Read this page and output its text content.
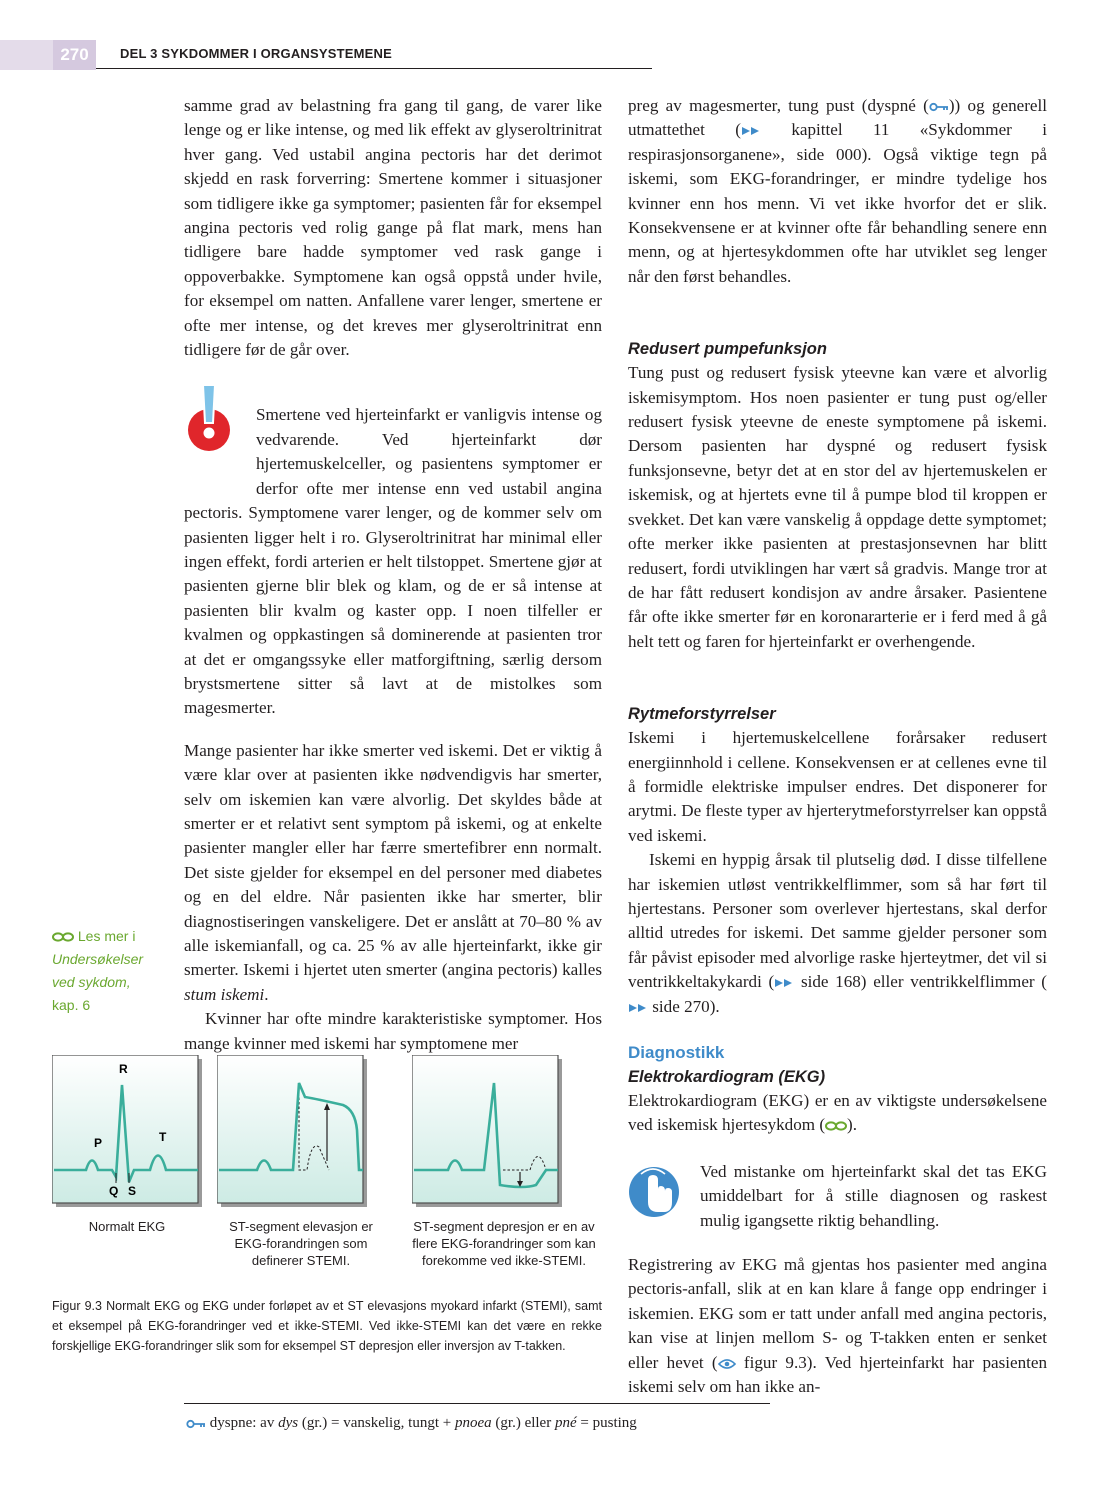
270	DEL 3 SYKDOMMER I ORGANSYSTEMENE

samme grad av belastning fra gang til gang, de varer like lenge og er like intense, og med lik effekt av glyseroltrinitrat hver gang. Ved ustabil angina pectoris har det derimot skjedd en rask forverring: Smertene kommer i situasjoner som tidligere ikke ga symptomer; pasienten får for eksempel angina pectoris ved rolig gange på flat mark, mens han tidligere bare hadde symptomer ved rask gange i oppoverbakke. Symptomene kan også oppstå under hvile, for eksempel om natten. Anfallene varer lenger, smertene er ofte mer intense, og det kreves mer glyseroltrinitrat enn tidligere før de går over.

Smertene ved hjerteinfarkt er vanligvis intense og vedvarende. Ved hjerteinfarkt dør hjertemuskelceller, og pasientens symptomer er derfor ofte mer intense enn ved ustabil angina pectoris. Symptomene varer lenger, og de kommer selv om pasienten ligger helt i ro. Glyseroltrinitrat har minimal eller ingen effekt, fordi arterien er helt tilstoppet. Smertene gjør at pasienten gjerne blir blek og klam, og de er så intense at pasienten blir kvalm og kaster opp. I noen tilfeller er kvalmen og oppkastingen så dominerende at pasienten tror at det er omgangssyke eller matforgiftning, særlig dersom brystsmertene sitter så lavt at de mistolkes som magesmerter.

Mange pasienter har ikke smerter ved iskemi. Det er viktig å være klar over at pasienten ikke nødvendigvis har smerter, selv om iskemien kan være alvorlig. Det skyldes både at smerter er et relativt sent symptom på iskemi, og at enkelte pasienter mangler eller har færre smertefibrer enn normalt. Det siste gjelder for eksempel en del personer med diabetes og en del eldre. Når pasienten ikke har smerter, blir diagnostiseringen vanskeligere. Det er anslått at 70–80 % av alle iskemianfall, og ca. 25 % av alle hjerteinfarkt, ikke gir smerter. Iskemi i hjertet uten smerter (angina pectoris) kalles stum iskemi.

Kvinner har ofte mindre karakteristiske symptomer. Hos mange kvinner med iskemi har symptomene mer

Les mer i
Undersøkelser ved sykdom,
kap. 6
R
P	T
Q S
Normalt EKG	ST-segment elevasjon er EKG-forandringen som definerer STEMI.
ST-segment depresjon er en av flere EKG-forandringer som kan forekomme ved ikke-STEMI.
Figur 9.3 Normalt EKG og EKG under forløpet av et ST elevasjons myokard infarkt (STEMI), samt et eksempel på EKG-forandringer ved et ikke-STEMI. Ved ikke-STEMI kan det være en rekke forskjellige EKG-forandringer slik som for eksempel ST depresjon eller inversjon av T-takken.

preg av magesmerter, tung pust (dyspné ( )) og generell utmattethet ( kapittel 11 «Sykdommer i respirasjonsorganene», side 000). Også viktige tegn på iskemi, som EKG-forandringer, er mindre tydelige hos kvinner enn hos menn. Vi vet ikke hvorfor det er slik. Konsekvensene er at kvinner ofte får behandling senere enn menn, og at hjertesykdommen ofte har utviklet seg lenger når den først behandles.

Redusert pumpefunksjon

Tung pust og redusert fysisk yteevne kan være et alvorlig iskemisymptom. Hos noen pasienter er tung pust og/eller redusert fysisk yteevne de eneste symptomene på iskemi. Dersom pasienten har dyspné og redusert fysisk funksjonsevne, betyr det at en stor del av hjertemuskelen er iskemisk, og at hjertets evne til å pumpe blod til kroppen er svekket. Det kan være vanskelig å oppdage dette symptomet; ofte merker ikke pasienten at prestasjonsevnen har blitt redusert, fordi utviklingen har vært så gradvis. Mange tror at de har fått redusert kondisjon av andre årsaker. Pasientene får ofte ikke smerter før en koronararterie er i ferd med å gå helt tett og faren for hjerteinfarkt er overhengende.

Rytmeforstyrrelser

Iskemi i hjertemuskelcellene forårsaker redusert energiinnhold i cellene. Konsekvensen er at cellenes evne til å formidle elektriske impulser endres. Det disponerer for arytmi. De fleste typer av hjerterytmeforstyrrelser kan oppstå ved iskemi.

Iskemi en hyppig årsak til plutselig død. I disse tilfellene har iskemien utløst ventrikkelflimmer, som så har ført til hjertestans. Personer som overlever hjertestans, skal derfor alltid utredes for iskemi. Det samme gjelder personer som får påvist episoder med alvorlige raske hjerteytmer, det vil si ventrikkeltakykardi ( side 168) eller ventrikkelflimmer ( side 270).

Diagnostikk
Elektrokardiogram (EKG)

Elektrokardiogram (EKG) er en av viktigste undersøkelsene ved iskemisk hjertesykdom ( ).

Ved mistanke om hjerteinfarkt skal det tas EKG umiddelbart for å stille diagnosen og raskest mulig igangsette riktig behandling.

Registrering av EKG må gjentas hos pasienter med angina pectoris-anfall, slik at en kan klare å fange opp endringer i iskemien. EKG som er tatt under anfall med angina pectoris, kan vise at linjen mellom S- og T-takken enten er senket eller hevet ( figur 9.3). Ved hjerteinfarkt har pasienten iskemi selv om han ikke an-

dyspne: av dys (gr.) = vanskelig, tungt + pnoea (gr.) eller pné = pusting
